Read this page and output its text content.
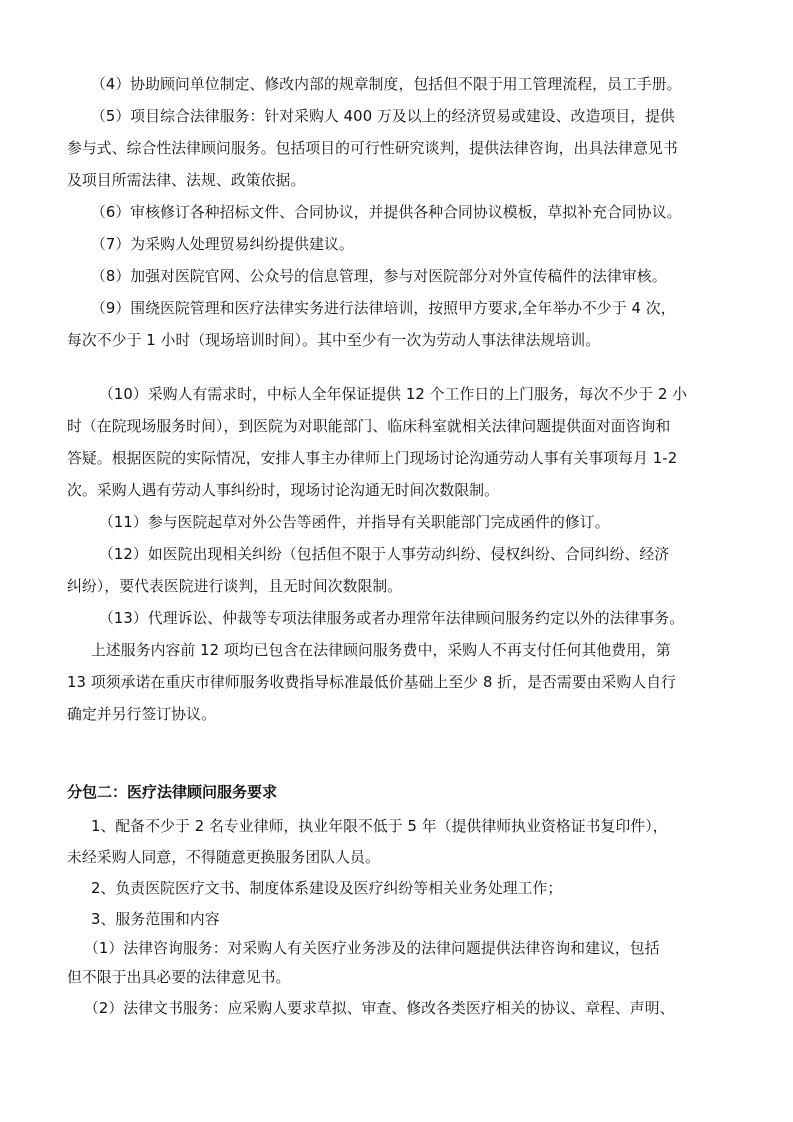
（4）协助顾问单位制定、修改内部的规章制度，包括但不限于用工管理流程，员工手册。
（5）项目综合法律服务：针对采购人 400 万及以上的经济贸易或建设、改造项目，提供
参与式、综合性法律顾问服务。包括项目的可行性研究谈判，提供法律咨询，出具法律意见书
及项目所需法律、法规、政策依据。
（6）审核修订各种招标文件、合同协议，并提供各种合同协议模板，草拟补充合同协议。
（7）为采购人处理贸易纠纷提供建议。
（8）加强对医院官网、公众号的信息管理，参与对医院部分对外宣传稿件的法律审核。
（9）围绕医院管理和医疗法律实务进行法律培训，按照甲方要求,全年举办不少于 4 次，
每次不少于 1 小时（现场培训时间）。其中至少有一次为劳动人事法律法规培训。
（10）采购人有需求时，中标人全年保证提供 12 个工作日的上门服务，每次不少于 2 小
时（在院现场服务时间），到医院为对职能部门、临床科室就相关法律问题提供面对面咨询和
答疑。根据医院的实际情况，安排人事主办律师上门现场讨论沟通劳动人事有关事项每月 1-2
次。采购人遇有劳动人事纠纷时，现场讨论沟通无时间次数限制。
（11）参与医院起草对外公告等函件，并指导有关职能部门完成函件的修订。
（12）如医院出现相关纠纷（包括但不限于人事劳动纠纷、侵权纠纷、合同纠纷、经济
纠纷），要代表医院进行谈判，且无时间次数限制。
（13）代理诉讼、仲裁等专项法律服务或者办理常年法律顾问服务约定以外的法律事务。
上述服务内容前 12 项均已包含在法律顾问服务费中，采购人不再支付任何其他费用，第
13 项须承诺在重庆市律师服务收费指导标准最低价基础上至少 8 折，是否需要由采购人自行
确定并另行签订协议。
分包二：医疗法律顾问服务要求
1、配备不少于 2 名专业律师，执业年限不低于 5 年（提供律师执业资格证书复印件），
未经采购人同意，不得随意更换服务团队人员。
2、负责医院医疗文书、制度体系建设及医疗纠纷等相关业务处理工作；
3、服务范围和内容
（1）法律咨询服务：对采购人有关医疗业务涉及的法律问题提供法律咨询和建议，包括
但不限于出具必要的法律意见书。
（2）法律文书服务：应采购人要求草拟、审查、修改各类医疗相关的协议、章程、声明、
